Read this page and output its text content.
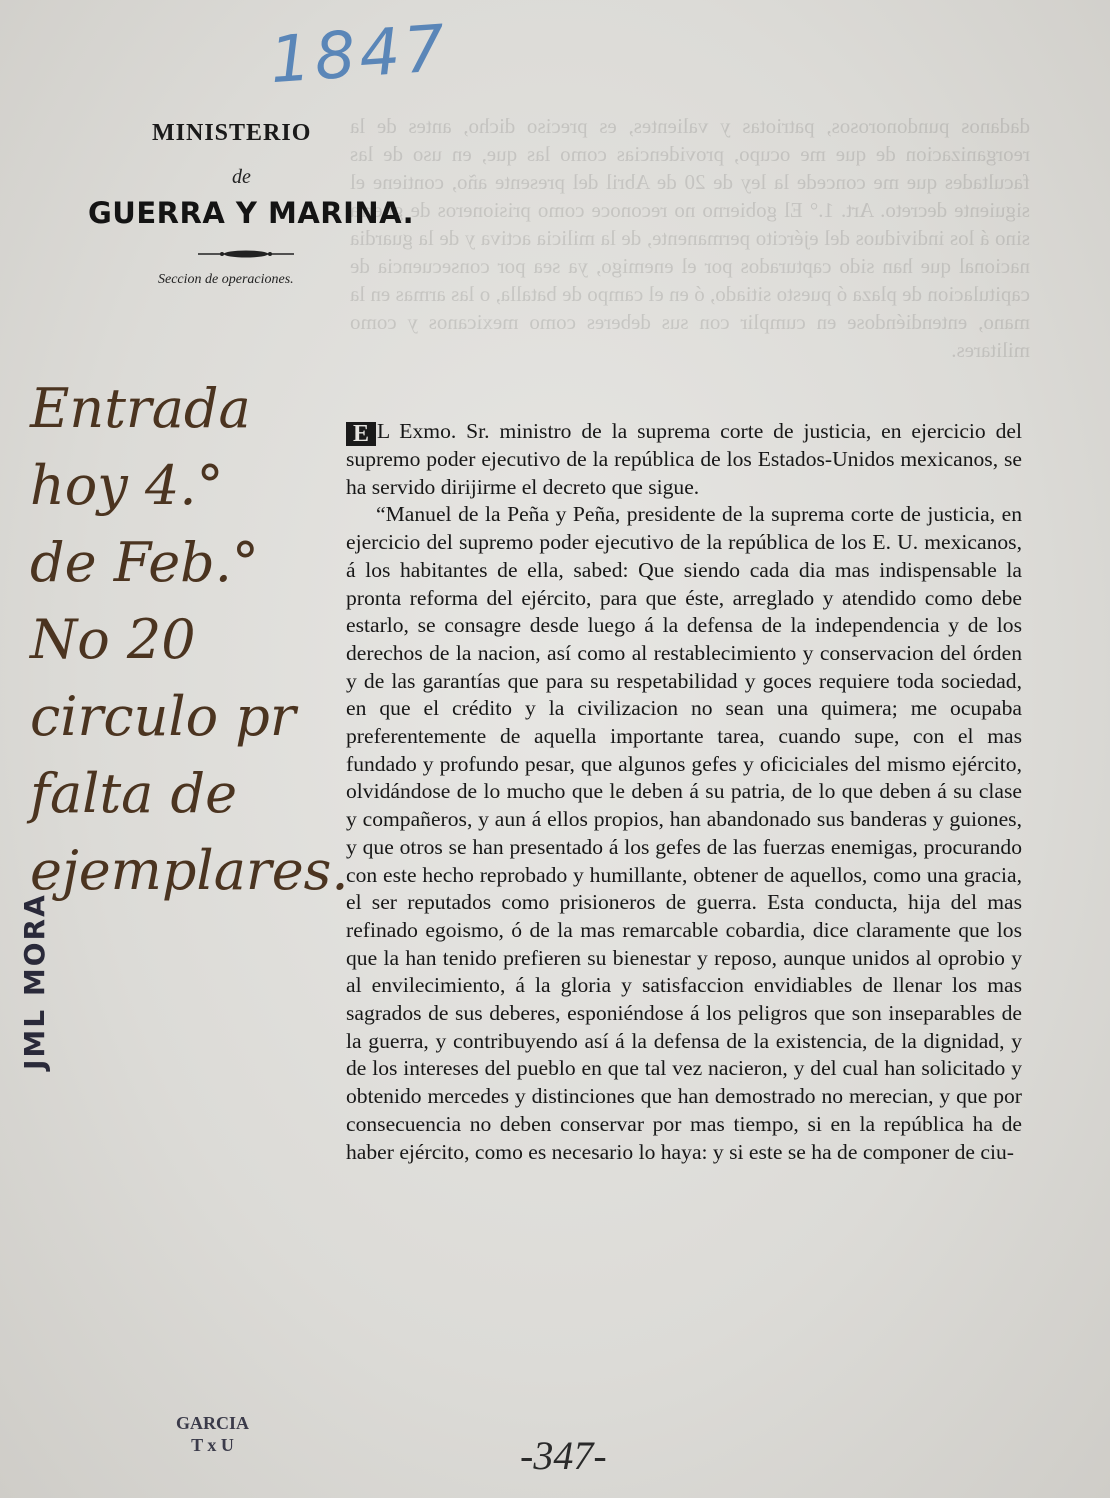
dadanos pundonorosos, patriotas y valientes, es preciso dicho, antes de la reorganizacion de que me ocupo, providencias como las que, en uso de las facultades que me concede la ley de 20 de Abril del presente año, contiene el siguiente decreto. Art. 1.° El gobierno no reconoce como prisioneros de guerra sino á los individuos del ejército permanente, de la milicia activa y de la guardia nacional que han sido capturados por el enemigo, ya sea por consecuencia de capitulacion de plaza ó puesto sitiado, ó en el campo de batalla, o las armas en la mano, entendiéndose en cumplir con sus deberes como mexicanos y como militares.
1847
MINISTERIO
de
GUERRA Y MARINA.
Seccion de operaciones.
Entrada
hoy 4.°
de Feb.°
No 20
circulo pr
falta de
ejemplares.

E L Exmo. Sr. ministro de la suprema corte de justicia, en ejercicio del supremo poder ejecutivo de la república de los Estados-Unidos mexicanos, se ha servido dirijirme el decreto que sigue.

“Manuel de la Peña y Peña, presidente de la suprema corte de justicia, en ejercicio del supremo poder ejecutivo de la república de los E. U. mexicanos, á los habitantes de ella, sabed: Que siendo cada dia mas indispensable la pronta reforma del ejército, para que éste, arreglado y atendido como debe estarlo, se consagre desde luego á la defensa de la independencia y de los derechos de la nacion, así como al restablecimiento y conservacion del órden y de las garantías que para su respetabilidad y goces requiere toda sociedad, en que el crédito y la civilizacion no sean una quimera; me ocupaba preferentemente de aquella importante tarea, cuando supe, con el mas fundado y profundo pesar, que algunos gefes y oficiciales del mismo ejército, olvidándose de lo mucho que le deben á su patria, de lo que deben á su clase y compañeros, y aun á ellos propios, han abandonado sus banderas y guiones, y que otros se han presentado á los gefes de las fuerzas enemigas, procurando con este hecho reprobado y humillante, obtener de aquellos, como una gracia, el ser reputados como prisioneros de guerra. Esta conducta, hija del mas refinado egoismo, ó de la mas remarcable cobardia, dice claramente que los que la han tenido prefieren su bienestar y reposo, aunque unidos al oprobio y al envilecimiento, á la gloria y satisfaccion envidiables de llenar los mas sagrados de sus deberes, esponiéndose á los peligros que son inseparables de la guerra, y contribuyendo así á la defensa de la existencia, de la dignidad, y de los intereses del pueblo en que tal vez nacieron, y del cual han solicitado y obtenido mercedes y distinciones que han demostrado no merecian, y que por consecuencia no deben conservar por mas tiempo, si en la república ha de haber ejército, como es necesario lo haya: y si este se ha de componer de ciu-

JML MORA
GARCIA
T x U	-347-
